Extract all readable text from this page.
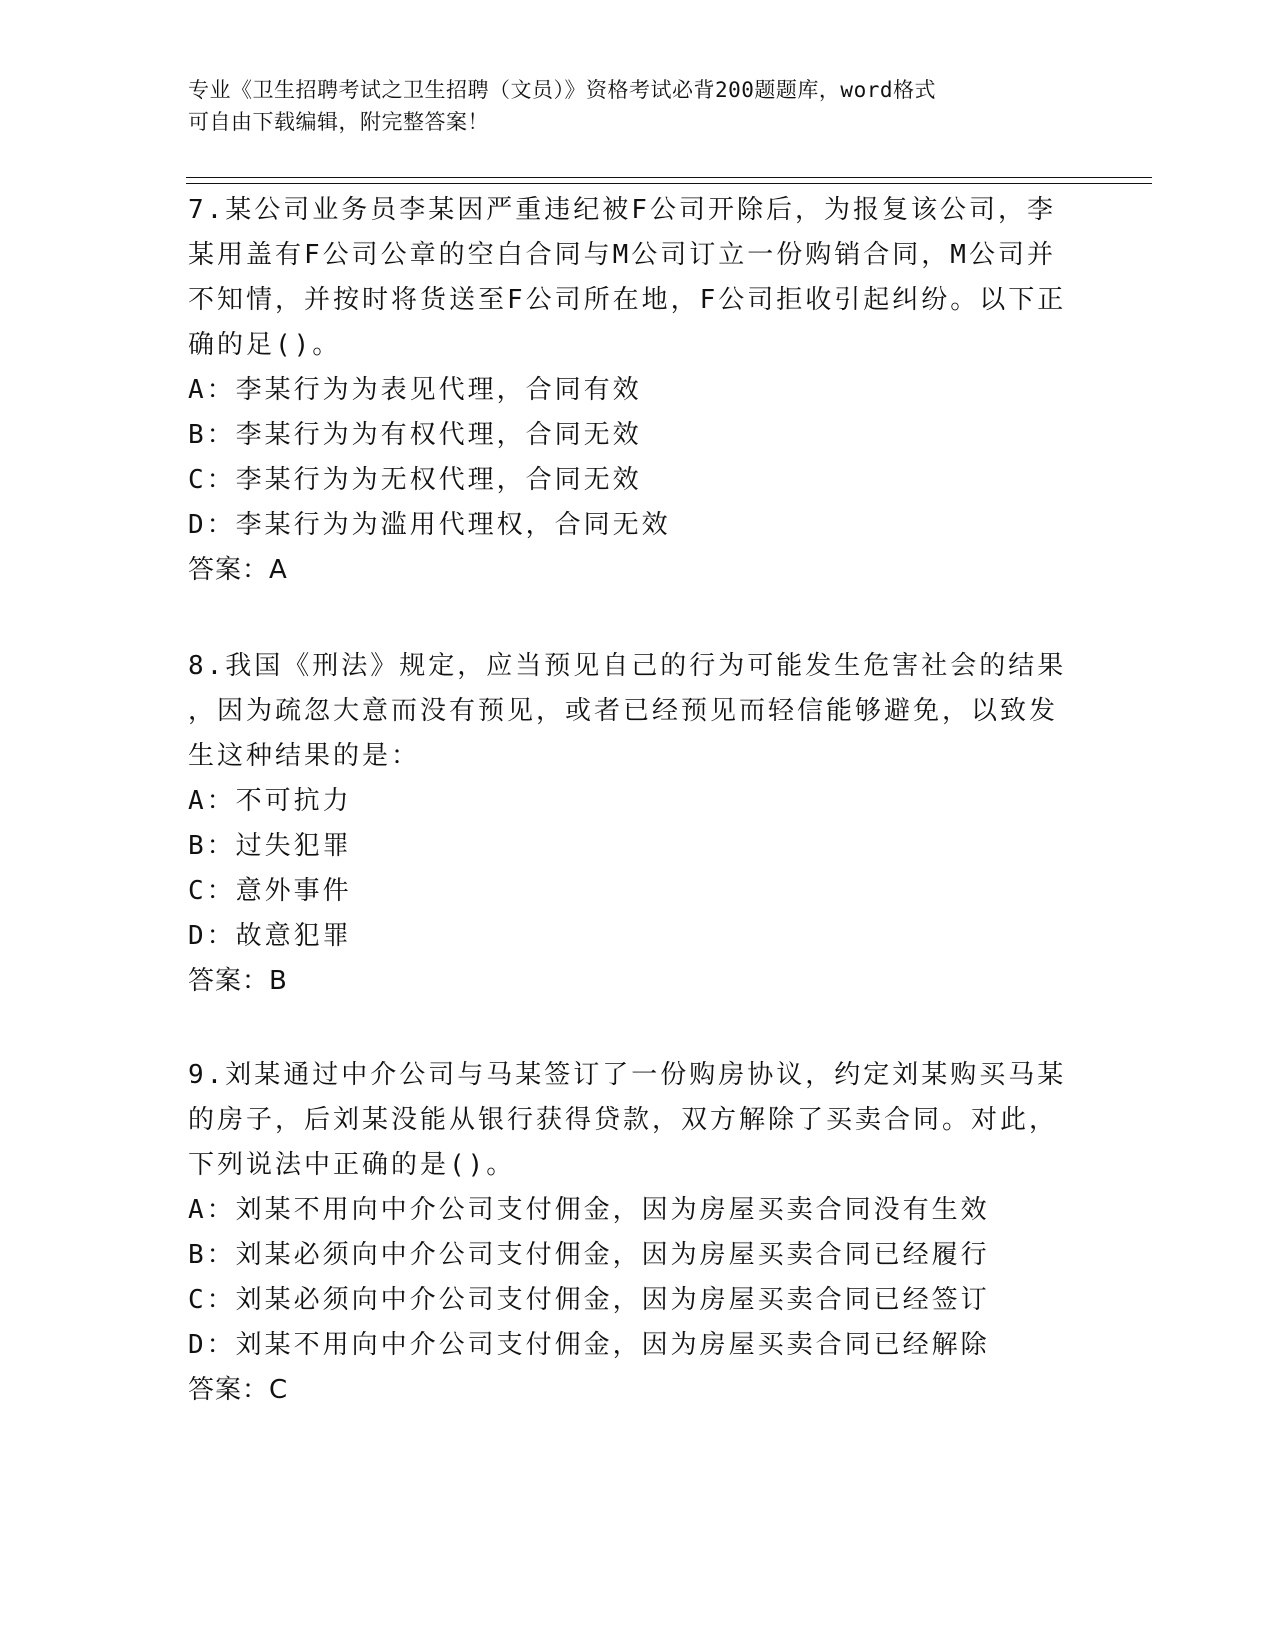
专业《卫生招聘考试之卫生招聘（文员）》资格考试必背200题题库，word格式
可自由下载编辑，附完整答案！
7.某公司业务员李某因严重违纪被F公司开除后，为报复该公司，李
某用盖有F公司公章的空白合同与M公司订立一份购销合同，M公司并
不知情，并按时将货送至F公司所在地，F公司拒收引起纠纷。以下正
确的足()。
A：李某行为为表见代理，合同有效
B：李某行为为有权代理，合同无效
C：李某行为为无权代理，合同无效
D：李某行为为滥用代理权，合同无效
答案：A
8.我国《刑法》规定，应当预见自己的行为可能发生危害社会的结果
，因为疏忽大意而没有预见，或者已经预见而轻信能够避免，以致发
生这种结果的是：
A：不可抗力
B：过失犯罪
C：意外事件
D：故意犯罪
答案：B
9.刘某通过中介公司与马某签订了一份购房协议，约定刘某购买马某
的房子，后刘某没能从银行获得贷款，双方解除了买卖合同。对此，
下列说法中正确的是()。
A：刘某不用向中介公司支付佣金，因为房屋买卖合同没有生效
B：刘某必须向中介公司支付佣金，因为房屋买卖合同已经履行
C：刘某必须向中介公司支付佣金，因为房屋买卖合同已经签订
D：刘某不用向中介公司支付佣金，因为房屋买卖合同已经解除
答案：C
